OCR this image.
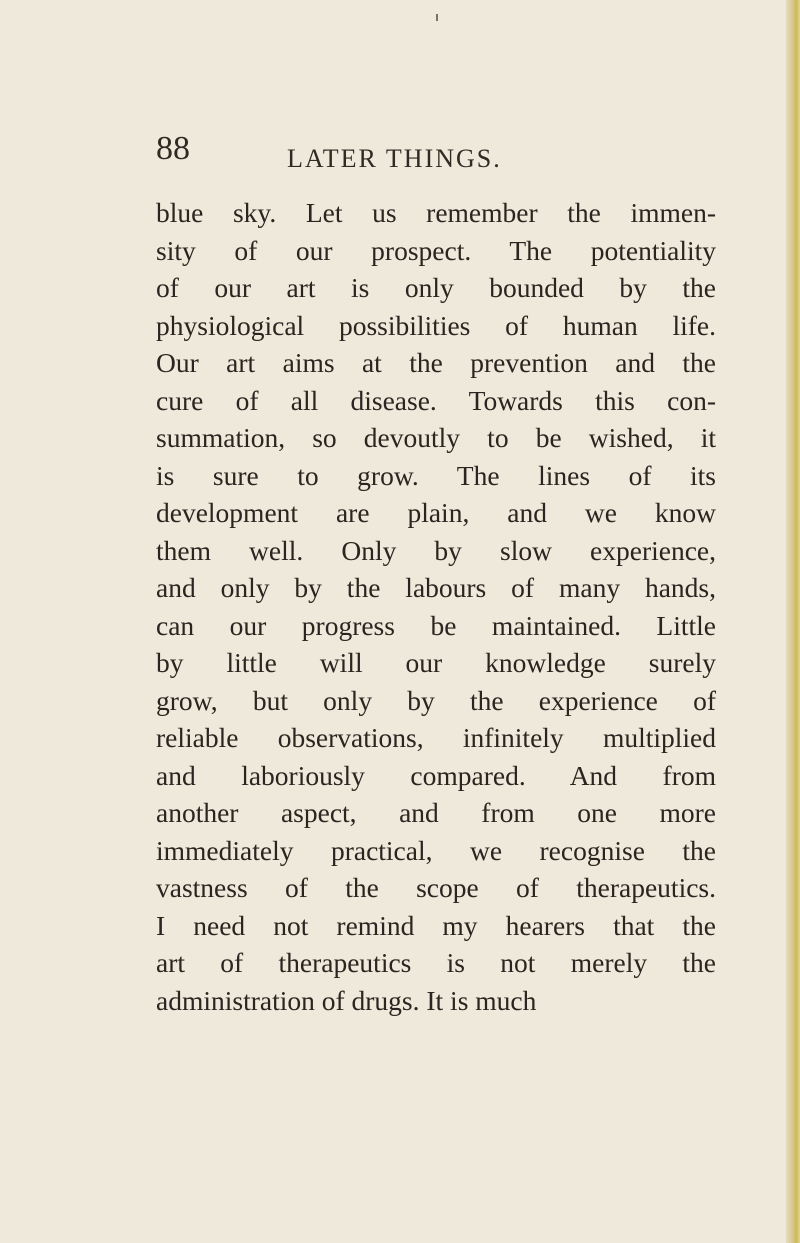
88	LATER THINGS.
blue sky. Let us remember the immen-
sity of our prospect. The potentiality
of our art is only bounded by the
physiological possibilities of human life.
Our art aims at the prevention and the
cure of all disease. Towards this con-
summation, so devoutly to be wished, it
is sure to grow. The lines of its
development are plain, and we know
them well. Only by slow experience,
and only by the labours of many hands,
can our progress be maintained. Little
by little will our knowledge surely
grow, but only by the experience of
reliable observations, infinitely multiplied
and laboriously compared. And from
another aspect, and from one more
immediately practical, we recognise the
vastness of the scope of therapeutics.
I need not remind my hearers that the
art of therapeutics is not merely the
administration of drugs. It is much
